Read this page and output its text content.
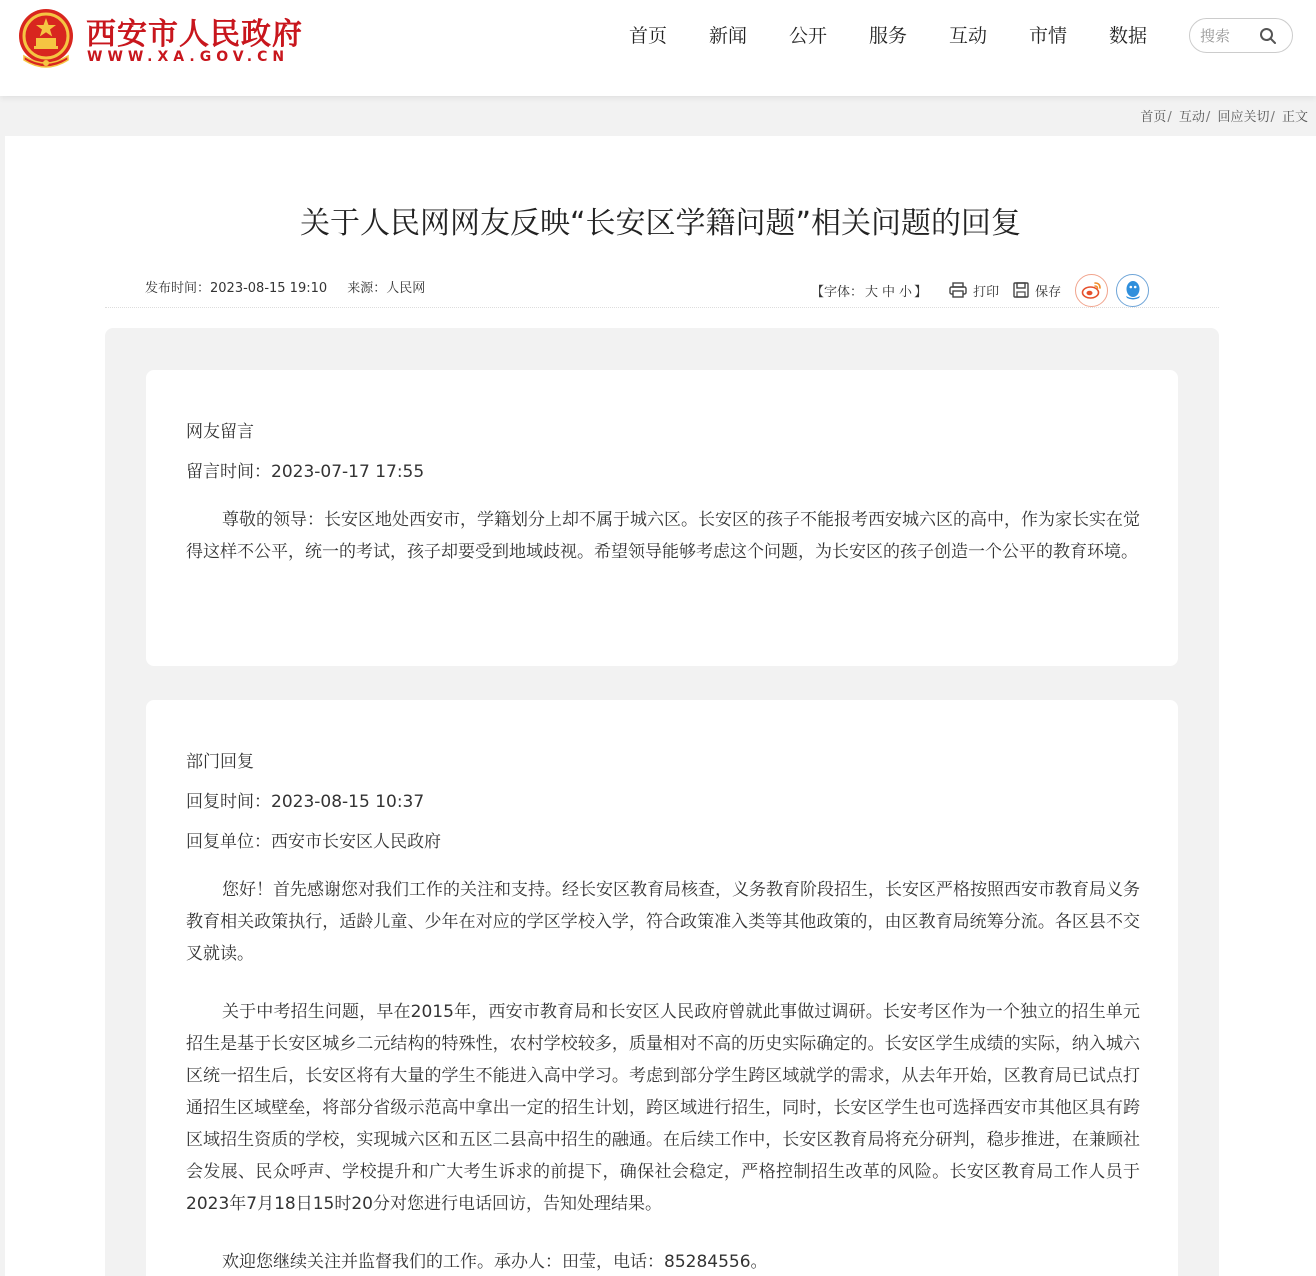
西安市人民政府
WWW.XA.GOV.CN
首页	新闻	公开	服务	互动	市情	数据
搜索
首页/ 互动/ 回应关切/ 正文
关于人民网网友反映“长安区学籍问题”相关问题的回复
发布时间：2023-08-15 19:10 来源：人民网	【字体： 大 中 小 】	打印	保存
网友留言
留言时间：2023-07-17 17:55

尊敬的领导：长安区地处西安市，学籍划分上却不属于城六区。长安区的孩子不能报考西安城六区的高中，作为家长实在觉得这样不公平，统一的考试，孩子却要受到地域歧视。希望领导能够考虑这个问题，为长安区的孩子创造一个公平的教育环境。

部门回复
回复时间：2023-08-15 10:37
回复单位：西安市长安区人民政府

您好！首先感谢您对我们工作的关注和支持。经长安区教育局核查，义务教育阶段招生，长安区严格按照西安市教育局义务教育相关政策执行，适龄儿童、少年在对应的学区学校入学，符合政策准入类等其他政策的，由区教育局统筹分流。各区县不交叉就读。

关于中考招生问题，早在2015年，西安市教育局和长安区人民政府曾就此事做过调研。长安考区作为一个独立的招生单元招生是基于长安区城乡二元结构的特殊性，农村学校较多，质量相对不高的历史实际确定的。长安区学生成绩的实际，纳入城六区统一招生后，长安区将有大量的学生不能进入高中学习。考虑到部分学生跨区域就学的需求，从去年开始，区教育局已试点打通招生区域壁垒，将部分省级示范高中拿出一定的招生计划，跨区域进行招生，同时，长安区学生也可选择西安市其他区具有跨区域招生资质的学校，实现城六区和五区二县高中招生的融通。在后续工作中，长安区教育局将充分研判，稳步推进，在兼顾社会发展、民众呼声、学校提升和广大考生诉求的前提下，确保社会稳定，严格控制招生改革的风险。长安区教育局工作人员于2023年7月18日15时20分对您进行电话回访，告知处理结果。

欢迎您继续关注并监督我们的工作。承办人：田莹，电话：85284556。
